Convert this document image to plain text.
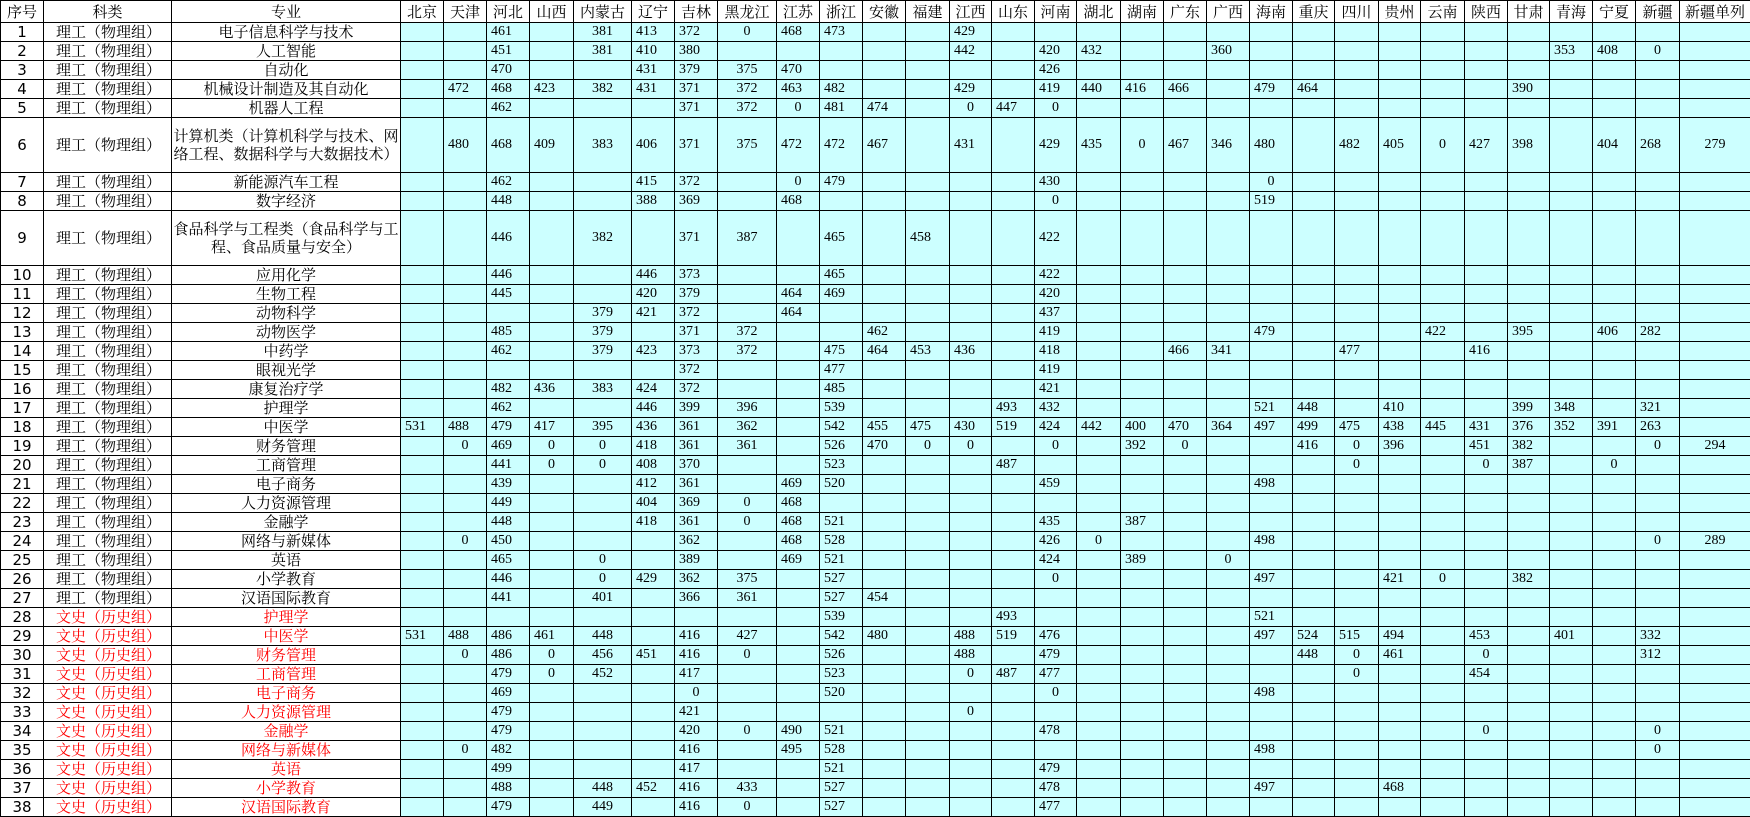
序号	科类	专业	北京	天津	河北	山西	内蒙古	辽宁	吉林	黑龙江	江苏	浙江	安徽	福建	江西	山东	河南	湖北	湖南	广东	广西	海南	重庆	四川	贵州	云南	陕西	甘肃	青海	宁夏	新疆	新疆单列
1	理工（物理组）	电子信息科学与技术			461		381	413	372	0	468	473			429																	
2	理工（物理组）	人工智能			451		381	410	380						442		420	432			360								353	408	0	
3	理工（物理组）	自动化			470			431	379	375	470						426															
4	理工（物理组）	机械设计制造及其自动化		472	468	423	382	431	371	372	463	482			429		419	440	416	466		479	464					390				
5	理工（物理组）	机器人工程			462				371	372	0	481	474		0	447	0															
6	理工（物理组）	计算机类（计算机科学与技术、网络工程、数据科学与大数据技术）		480	468	409	383	406	371	375	472	472	467		431		429	435	0	467	346	480		482	405	0	427	398		404	268	279
7	理工（物理组）	新能源汽车工程			462			415	372		0	479					430					0										
8	理工（物理组）	数字经济			448			388	369		468						0					519										
9	理工（物理组）	食品科学与工程类（食品科学与工程、食品质量与安全）			446		382		371	387		465		458			422															
10	理工（物理组）	应用化学			446			446	373			465					422															
11	理工（物理组）	生物工程			445			420	379		464	469					420															
12	理工（物理组）	动物科学					379	421	372		464						437															
13	理工（物理组）	动物医学			485		379		371	372			462				419					479				422		395		406	282	
14	理工（物理组）	中药学			462		379	423	373	372		475	464	453	436		418			466	341			477			416					
15	理工（物理组）	眼视光学							372			477					419															
16	理工（物理组）	康复治疗学			482	436	383	424	372			485					421															
17	理工（物理组）	护理学			462			446	399	396		539				493	432					521	448		410			399	348		321	
18	理工（物理组）	中医学	531	488	479	417	395	436	361	362		542	455	475	430	519	424	442	400	470	364	497	499	475	438	445	431	376	352	391	263	
19	理工（物理组）	财务管理		0	469	0	0	418	361	361		526	470	0	0		0		392	0			416	0	396		451	382			0	294
20	理工（物理组）	工商管理			441	0	0	408	370			523				487								0			0	387		0		
21	理工（物理组）	电子商务			439			412	361		469	520					459					498										
22	理工（物理组）	人力资源管理			449			404	369	0	468																					
23	理工（物理组）	金融学			448			418	361	0	468	521					435		387													
24	理工（物理组）	网络与新媒体		0	450				362		468	528					426	0				498									0	289
25	理工（物理组）	英语			465		0		389		469	521					424		389		0											
26	理工（物理组）	小学教育			446		0	429	362	375		527					0					497			421	0		382				
27	理工（物理组）	汉语国际教育			441		401		366	361		527	454																			
28	文史（历史组）	护理学										539				493						521										
29	文史（历史组）	中医学	531	488	486	461	448		416	427		542	480		488	519	476					497	524	515	494		453		401		332	
30	文史（历史组）	财务管理		0	486	0	456	451	416	0		526			488		479						448	0	461		0				312	
31	文史（历史组）	工商管理			479	0	452		417			523			0	487	477							0			454					
32	文史（历史组）	电子商务			469				0			520					0					498										
33	文史（历史组）	人力资源管理			479				421						0																	
34	文史（历史组）	金融学			479				420	0	490	521					478										0				0	
35	文史（历史组）	网络与新媒体		0	482				416		495	528										498									0	
36	文史（历史组）	英语			499				417			521					479															
37	文史（历史组）	小学教育			488		448	452	416	433		527					478					497			468							
38	文史（历史组）	汉语国际教育			479		449		416	0		527					477															
